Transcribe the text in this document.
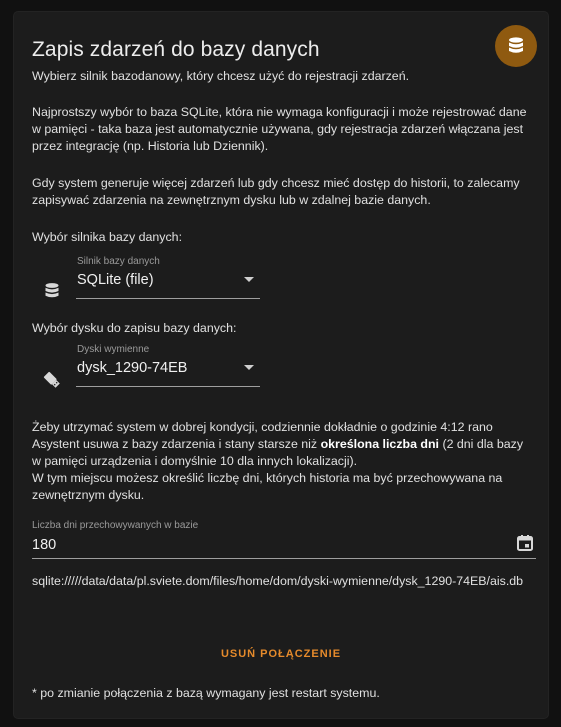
Zapis zdarzeń do bazy danych
Wybierz silnik bazodanowy, który chcesz użyć do rejestracji zdarzeń.
Najprostszy wybór to baza SQLite, która nie wymaga konfiguracji i może rejestrować dane w pamięci - taka baza jest automatycznie używana, gdy rejestracja zdarzeń włączana jest przez integrację (np. Historia lub Dziennik).
Gdy system generuje więcej zdarzeń lub gdy chcesz mieć dostęp do historii, to zalecamy zapisywać zdarzenia na zewnętrznym dysku lub w zdalnej bazie danych.
Wybór silnika bazy danych:
Silnik bazy danych
SQLite (file)
Wybór dysku do zapisu bazy danych:
Dyski wymienne
dysk_1290-74EB
Żeby utrzymać system w dobrej kondycji, codziennie dokładnie o godzinie 4:12 rano Asystent usuwa z bazy zdarzenia i stany starsze niż określona liczba dni (2 dni dla bazy w pamięci urządzenia i domyślnie 10 dla innych lokalizacji).
W tym miejscu możesz określić liczbę dni, których historia ma być przechowywana na zewnętrznym dysku.
Liczba dni przechowywanych w bazie
180
sqlite://///data/data/pl.sviete.dom/files/home/dom/dyski-wymienne/dysk_1290-74EB/ais.db
USUŃ POŁĄCZENIE
* po zmianie połączenia z bazą wymagany jest restart systemu.
